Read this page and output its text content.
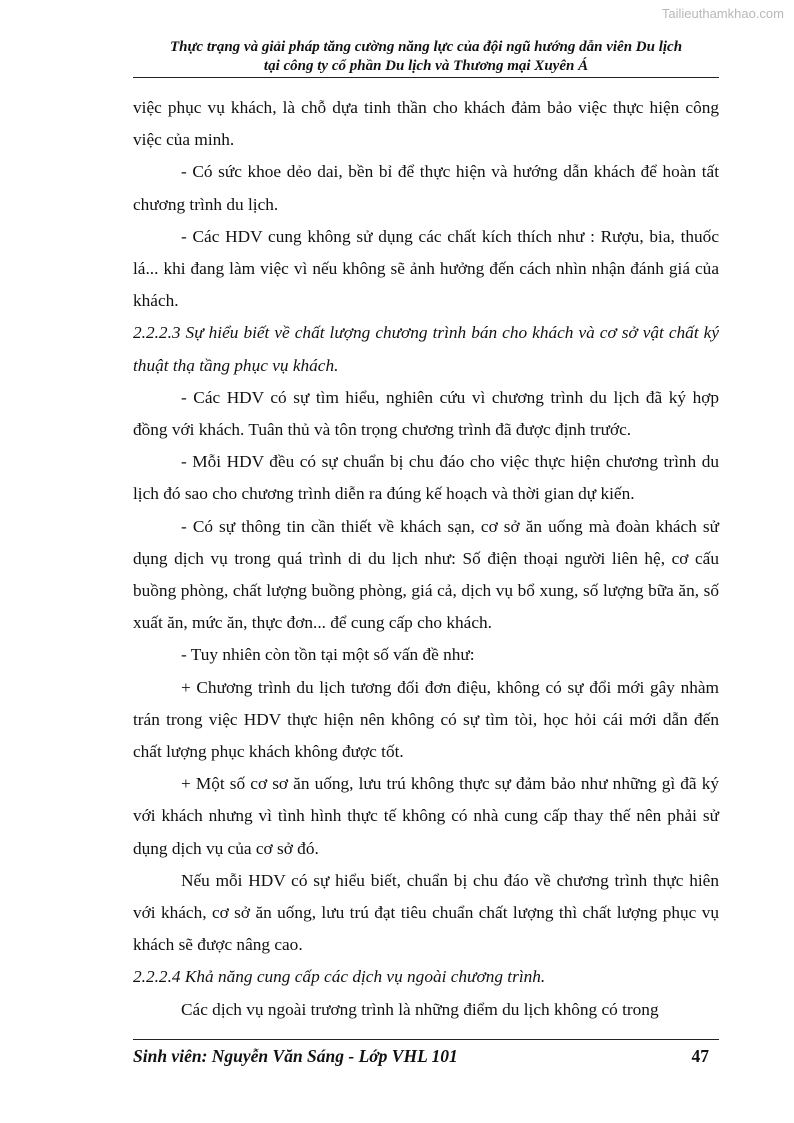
Tailieuthamkhao.com
Thực trạng và giải pháp tăng cường năng lực của đội ngũ hướng dẫn viên Du lịch
tại công ty cổ phần Du lịch và Thương mại Xuyên Á

việc phục vụ khách, là chỗ dựa tinh thần cho khách đảm bảo việc thực hiện công việc của minh.

- Có sức khoe dẻo dai, bền bỉ để thực hiện và hướng dẫn khách để hoàn tất chương trình du lịch.

- Các HDV cung không sử dụng các chất kích thích như : Rượu, bia, thuốc lá... khi đang làm việc vì nếu không sẽ ảnh hưởng đến cách nhìn nhận đánh giá của khách.

2.2.2.3 Sự hiểu biết về chất lượng chương trình bán cho khách và cơ sở vật chất ký thuật thạ tầng phục vụ khách.

- Các HDV có sự tìm hiểu, nghiên cứu vì chương trình du lịch đã ký hợp đồng với khách. Tuân thủ và tôn trọng chương trình đã được định trước.

- Mỗi HDV đều có sự chuẩn bị chu đáo cho việc thực hiện chương trình du lịch đó sao cho chương trình diễn ra đúng kế hoạch và thời gian dự kiến.

- Có sự thông tin cần thiết về khách sạn, cơ sở ăn uống mà đoàn khách sử dụng dịch vụ trong quá trình di du lịch như: Số điện thoại người liên hệ, cơ cấu buồng phòng, chất lượng buồng phòng, giá cả, dịch vụ bổ xung, số lượng bữa ăn, số xuất ăn, mức ăn, thực đơn... để cung cấp cho khách.

- Tuy nhiên còn tồn tại một số vấn đề như:

+ Chương trình du lịch tương đối đơn điệu, không có sự đổi mới gây nhàm trán trong việc HDV thực hiện nên không có sự tìm tòi, học hỏi cái mới dẫn đến chất lượng phục khách không được tốt.

+ Một số cơ sơ ăn uống, lưu trú không thực sự đảm bảo như những gì đã ký với khách nhưng vì tình hình thực tế không có nhà cung cấp thay thế nên phải sử dụng dịch vụ của cơ sở đó.

Nếu mỗi HDV có sự hiểu biết, chuẩn bị chu đáo về chương trình thực hiên với khách, cơ sở ăn uống, lưu trú đạt tiêu chuẩn chất lượng thì chất lượng phục vụ khách sẽ được nâng cao.

2.2.2.4 Khả năng cung cấp các dịch vụ ngoài chương trình.

Các dịch vụ ngoài trương trình là những điểm du lịch không có trong

Sinh viên: Nguyễn Văn Sáng - Lớp VHL 101	47
